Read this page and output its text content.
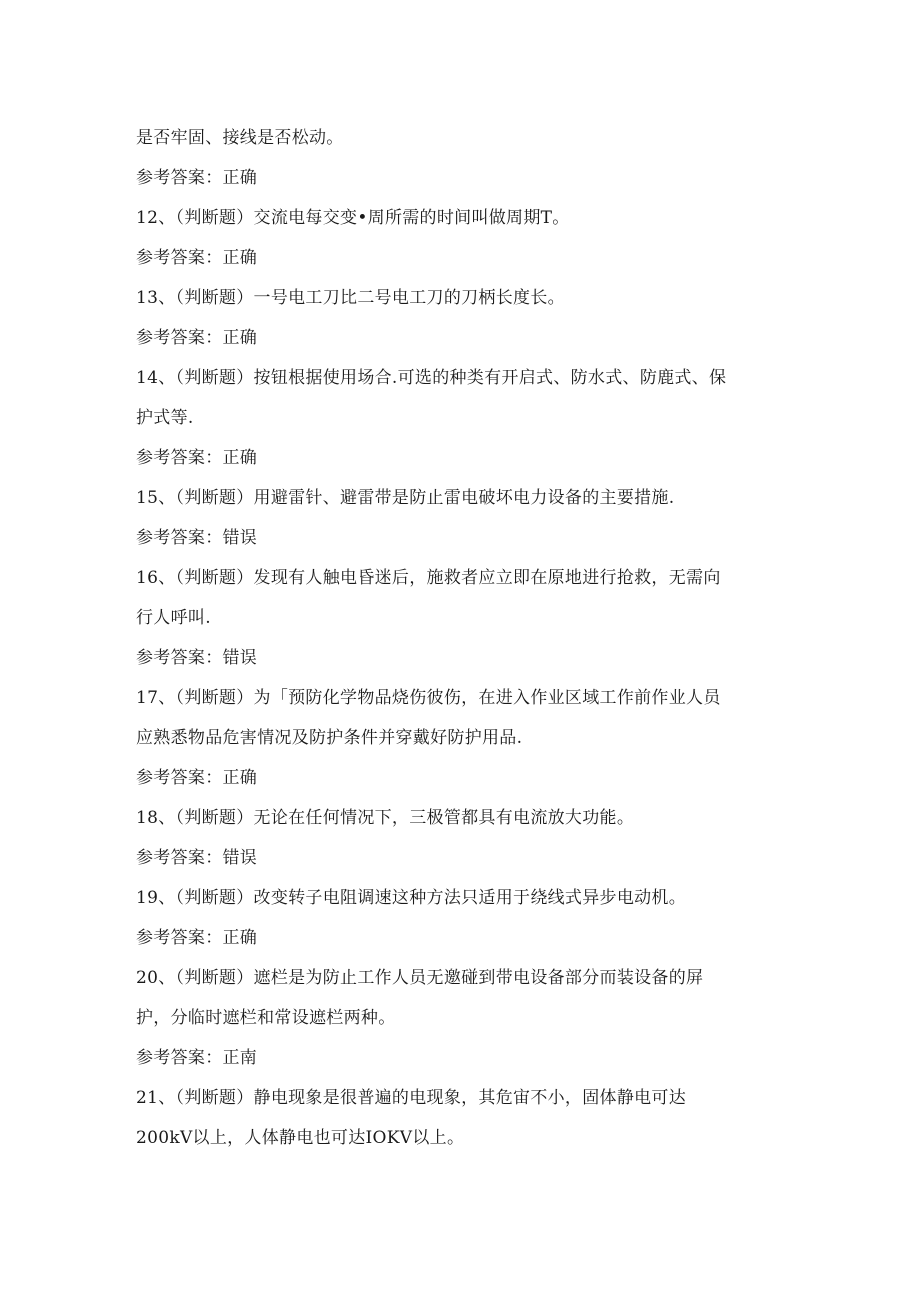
是否牢固、接线是否松动。
参考答案：正确
12、（判断题）交流电每交变•周所需的时间叫做周期T。
参考答案：正确
13、（判断题）一号电工刀比二号电工刀的刀柄长度长。
参考答案：正确
14、（判断题）按钮根据使用场合.可选的种类有开启式、防水式、防鹿式、保
护式等.
参考答案：正确
15、（判断题）用避雷针、避雷带是防止雷电破坏电力设备的主要措施.
参考答案：错误
16、（判断题）发现有人触电昏迷后，施救者应立即在原地进行抢救，无需向
行人呼叫.
参考答案：错误
17、（判断题）为「预防化学物品烧伤彼伤，在进入作业区域工作前作业人员
应熟悉物品危害情况及防护条件并穿戴好防护用品.
参考答案：正确
18、（判断题）无论在任何情况下，三极管都具有电流放大功能。
参考答案：错误
19、（判断题）改变转子电阻调速这种方法只适用于绕线式异步电动机。
参考答案：正确
20、（判断题）遮栏是为防止工作人员无邀碰到带电设备部分而装设备的屏
护，分临时遮栏和常设遮栏两种。
参考答案：正南
21、（判断题）静电现象是很普遍的电现象，其危宙不小，固体静电可达
200kV以上，人体静电也可达IOKV以上。
